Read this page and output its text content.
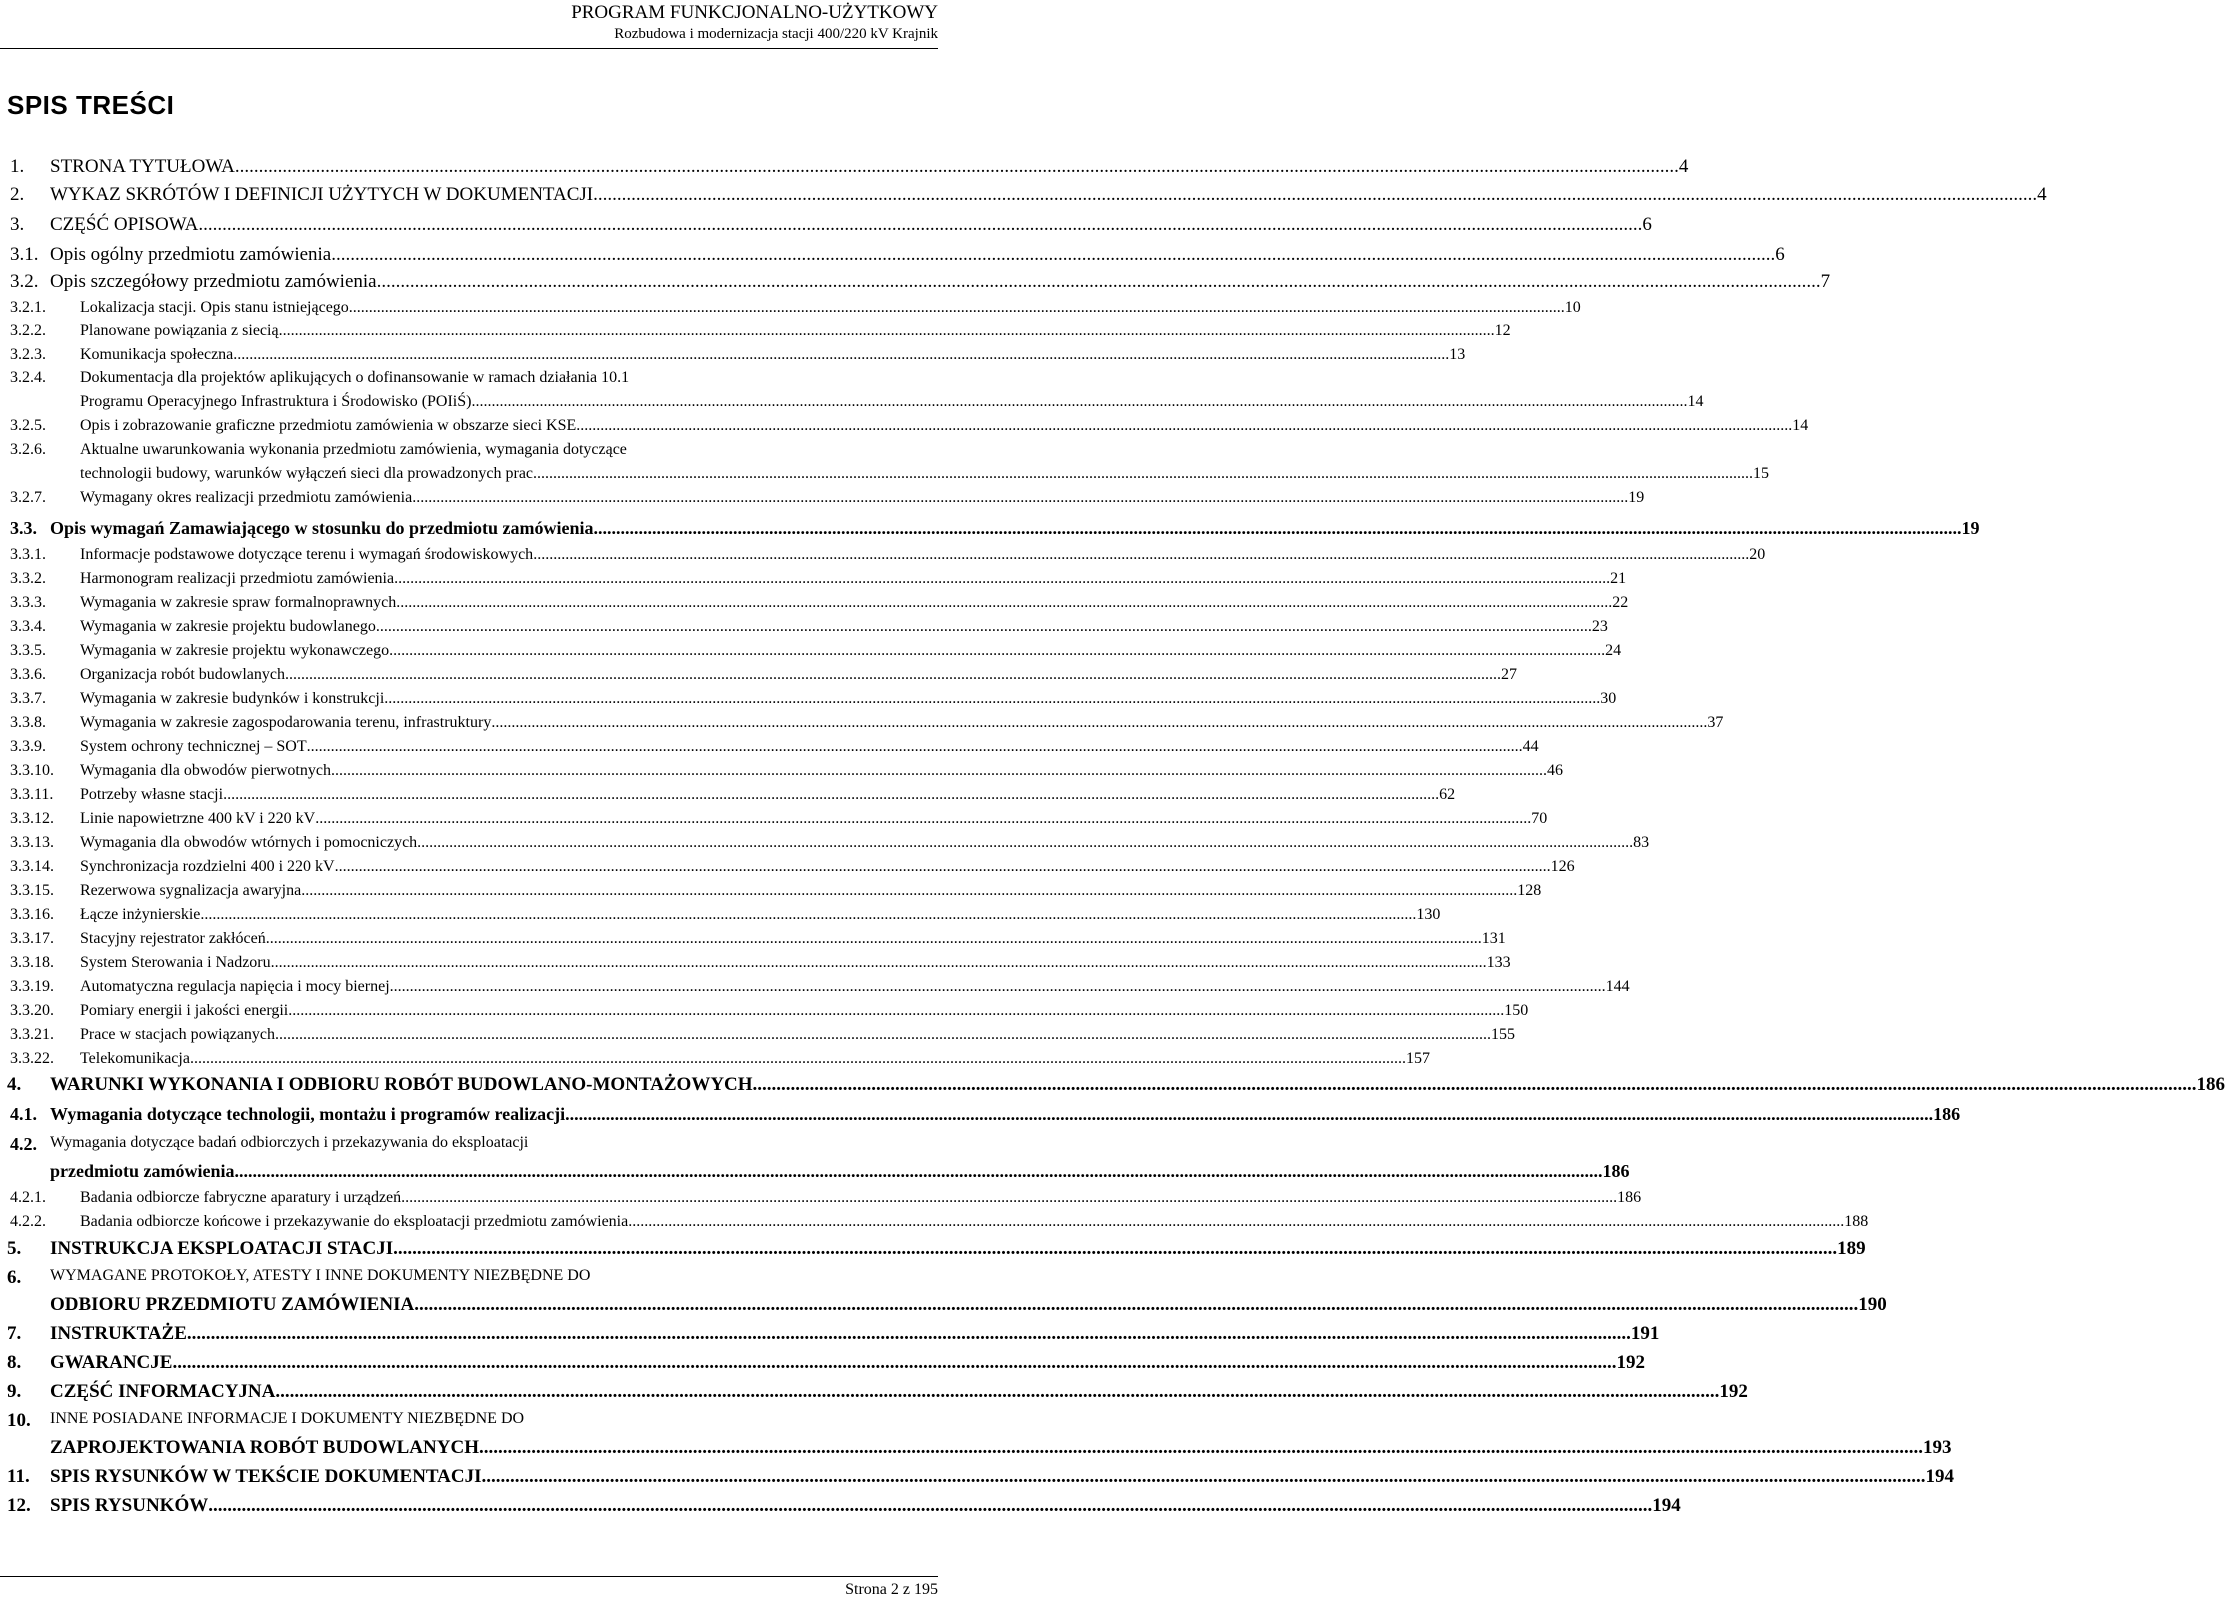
PROGRAM FUNKCJONALNO-UŻYTKOWY
Rozbudowa i modernizacja stacji 400/220 kV Krajnik
SPIS TREŚCI
1. STRONA TYTUŁOWA .....	4
2. WYKAZ SKRÓTÓW I DEFINICJI UŻYTYCH W DOKUMENTACJI .....	4
3. CZĘŚĆ OPISOWA .....	6
3.1. Opis ogólny przedmiotu zamówienia .....	6
3.2. Opis szczegółowy przedmiotu zamówienia .....	7
3.2.1. Lokalizacja stacji. Opis stanu istniejącego .....	10
3.2.2. Planowane powiązania z siecią .....	12
3.2.3. Komunikacja społeczna .....	13
3.2.4. Dokumentacja dla projektów aplikujących o dofinansowanie w ramach działania 10.1
Programu Operacyjnego Infrastruktura i Środowisko (POIiŚ) .....	14
3.2.5. Opis i zobrazowanie graficzne przedmiotu zamówienia w obszarze sieci KSE .....	14
3.2.6. Aktualne uwarunkowania wykonania przedmiotu zamówienia, wymagania dotyczące
technologii budowy, warunków wyłączeń sieci dla prowadzonych prac. .....	15
3.2.7. Wymagany okres realizacji przedmiotu zamówienia .....	19
3.3. Opis wymagań Zamawiającego w stosunku do przedmiotu zamówienia .....	19
3.3.1. Informacje podstawowe dotyczące terenu i wymagań środowiskowych .....	20
3.3.2. Harmonogram realizacji przedmiotu zamówienia .....	21
3.3.3. Wymagania w zakresie spraw formalnoprawnych .....	22
3.3.4. Wymagania w zakresie projektu budowlanego .....	23
3.3.5. Wymagania w zakresie projektu wykonawczego .....	24
3.3.6. Organizacja robót budowlanych .....	27
3.3.7. Wymagania w zakresie budynków i konstrukcji .....	30
3.3.8. Wymagania w zakresie zagospodarowania terenu, infrastruktury .....	37
3.3.9. System ochrony technicznej – SOT .....	44
3.3.10. Wymagania dla obwodów pierwotnych .....	46
3.3.11. Potrzeby własne stacji .....	62
3.3.12. Linie napowietrzne 400 kV i 220 kV .....	70
3.3.13. Wymagania dla obwodów wtórnych i pomocniczych .....	83
3.3.14. Synchronizacja rozdzielni 400 i 220 kV .....	126
3.3.15. Rezerwowa sygnalizacja awaryjna .....	128
3.3.16. Łącze inżynierskie .....	130
3.3.17. Stacyjny rejestrator zakłóceń .....	131
3.3.18. System Sterowania i Nadzoru .....	133
3.3.19. Automatyczna regulacja napięcia i mocy biernej .....	144
3.3.20. Pomiary energii i jakości energii .....	150
3.3.21. Prace w stacjach powiązanych .....	155
3.3.22. Telekomunikacja .....	157
4. WARUNKI WYKONANIA I ODBIORU ROBÓT BUDOWLANO-MONTAŻOWYCH .....	186
4.1. Wymagania dotyczące technologii, montażu i programów realizacji .....	186
4.2. Wymagania dotyczące badań odbiorczych i przekazywania do eksploatacji
przedmiotu zamówienia .....	186
4.2.1. Badania odbiorcze fabryczne aparatury i urządzeń .....	186
4.2.2. Badania odbiorcze końcowe i przekazywanie do eksploatacji przedmiotu zamówienia .....	188
5. INSTRUKCJA EKSPLOATACJI STACJI .....	189
6. WYMAGANE PROTOKOŁY, ATESTY I INNE DOKUMENTY NIEZBĘDNE DO
ODBIORU PRZEDMIOTU ZAMÓWIENIA .....	190
7. INSTRUKTAŻE .....	191
8. GWARANCJE .....	192
9. CZĘŚĆ INFORMACYJNA .....	192
10. INNE POSIADANE INFORMACJE I DOKUMENTY NIEZBĘDNE DO
ZAPROJEKTOWANIA ROBÓT BUDOWLANYCH .....	193
11. SPIS RYSUNKÓW W TEKŚCIE DOKUMENTACJI .....	194
12. SPIS RYSUNKÓW .....	194
Strona 2 z 195
